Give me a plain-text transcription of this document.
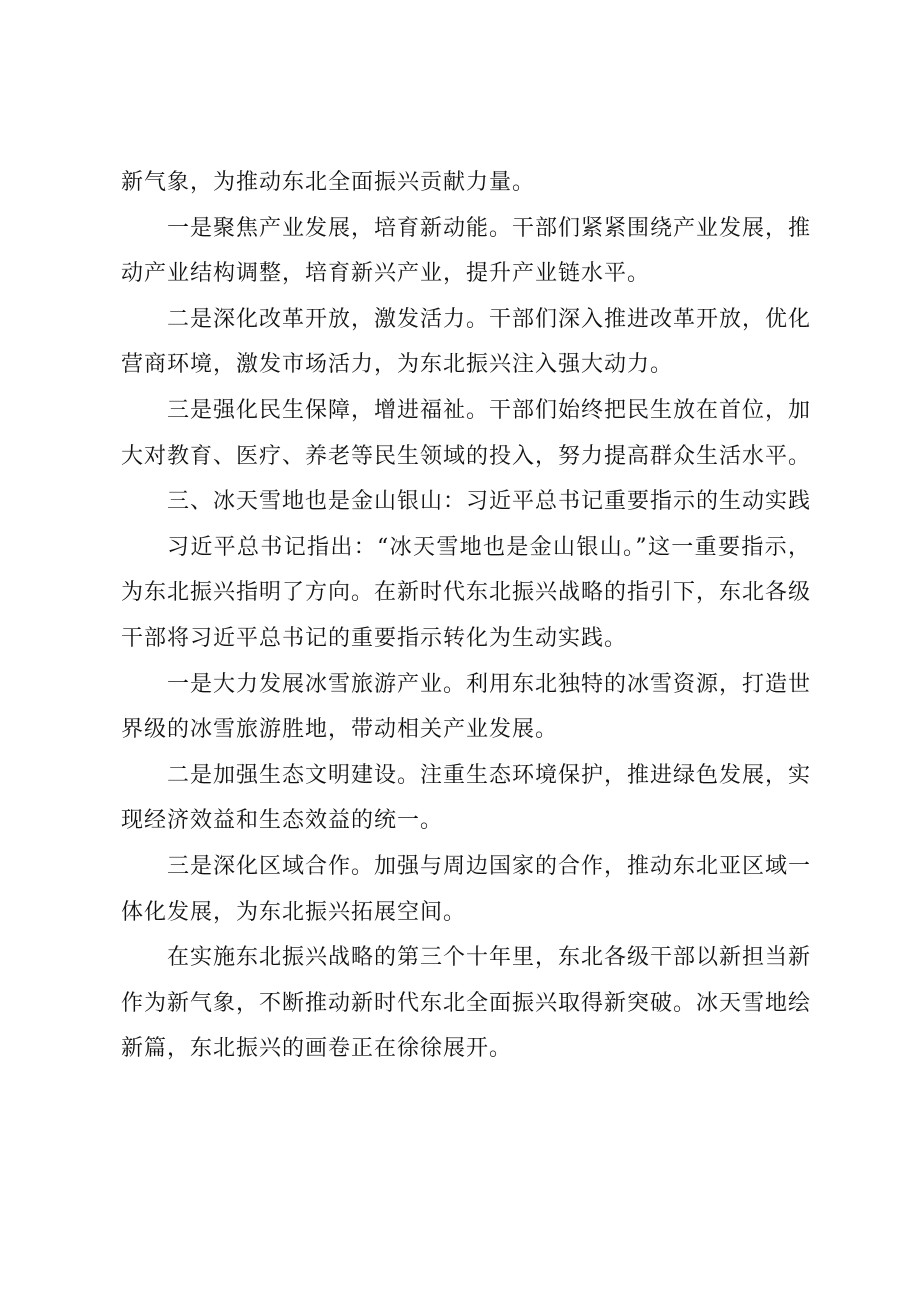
新气象，为推动东北全面振兴贡献力量。

一是聚焦产业发展，培育新动能。干部们紧紧围绕产业发展，推动产业结构调整，培育新兴产业，提升产业链水平。

二是深化改革开放，激发活力。干部们深入推进改革开放，优化营商环境，激发市场活力，为东北振兴注入强大动力。

三是强化民生保障，增进福祉。干部们始终把民生放在首位，加大对教育、医疗、养老等民生领域的投入，努力提高群众生活水平。

三、冰天雪地也是金山银山：习近平总书记重要指示的生动实践

习近平总书记指出：“冰天雪地也是金山银山。”这一重要指示，为东北振兴指明了方向。在新时代东北振兴战略的指引下，东北各级干部将习近平总书记的重要指示转化为生动实践。

一是大力发展冰雪旅游产业。利用东北独特的冰雪资源，打造世界级的冰雪旅游胜地，带动相关产业发展。

二是加强生态文明建设。注重生态环境保护，推进绿色发展，实现经济效益和生态效益的统一。

三是深化区域合作。加强与周边国家的合作，推动东北亚区域一体化发展，为东北振兴拓展空间。

在实施东北振兴战略的第三个十年里，东北各级干部以新担当新作为新气象，不断推动新时代东北全面振兴取得新突破。冰天雪地绘新篇，东北振兴的画卷正在徐徐展开。
